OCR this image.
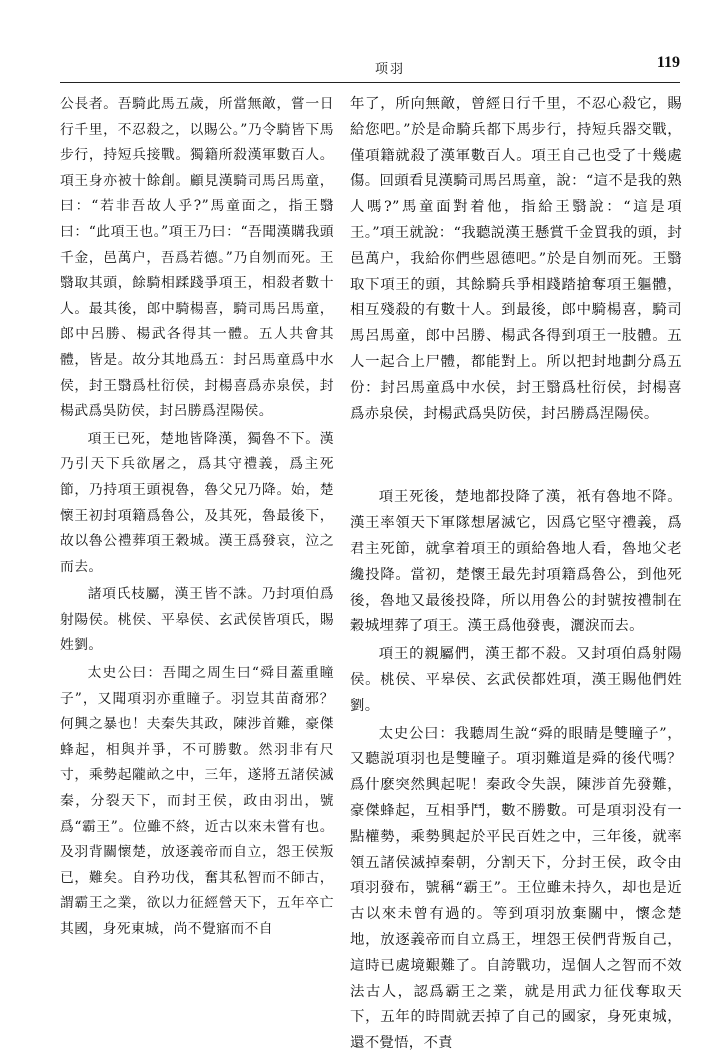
项羽	119

公長者。吾騎此馬五歲，所當無敵，嘗一日行千里，不忍殺之，以賜公。”乃令騎皆下馬步行，持短兵接戰。獨籍所殺漢軍數百人。項王身亦被十餘創。顧見漢騎司馬呂馬童，曰：“若非吾故人乎?”馬童面之，指王翳曰：“此項王也。”項王乃曰：“吾聞漢購我頭千金，邑萬户，吾爲若德。”乃自刎而死。王翳取其頭，餘騎相蹂踐爭項王，相殺者數十人。最其後，郎中騎楊喜，騎司馬呂馬童，郎中呂勝、楊武各得其一體。五人共會其體，皆是。故分其地爲五：封呂馬童爲中水侯，封王翳爲杜衍侯，封楊喜爲赤泉侯，封楊武爲吳防侯，封呂勝爲涅陽侯。

項王已死，楚地皆降漢，獨魯不下。漢乃引天下兵欲屠之，爲其守禮義，爲主死節，乃持項王頭視魯，魯父兄乃降。始，楚懷王初封項籍爲魯公，及其死，魯最後下，故以魯公禮葬項王穀城。漢王爲發哀，泣之而去。

諸項氏枝屬，漢王皆不誅。乃封項伯爲射陽侯。桃侯、平皋侯、玄武侯皆項氏，賜姓劉。

太史公曰：吾聞之周生曰“舜目蓋重瞳子”，又聞項羽亦重瞳子。羽豈其苗裔邪？何興之暴也！夫秦失其政，陳涉首難，豪傑蜂起，相與并爭，不可勝數。然羽非有尺寸，乘勢起隴畝之中，三年，遂將五諸侯滅秦，分裂天下，而封王侯，政由羽出，號爲“霸王”。位雖不終，近古以來未嘗有也。及羽背關懷楚，放逐義帝而自立，怨王侯叛已，難矣。自矜功伐，奮其私智而不師古，謂霸王之業，欲以力征經營天下，五年卒亡其國，身死東城，尚不覺寤而不自

年了，所向無敵，曾經日行千里，不忍心殺它，賜給您吧。”於是命騎兵都下馬步行，持短兵器交戰，僅項籍就殺了漢軍數百人。項王自己也受了十幾處傷。回頭看見漢騎司馬呂馬童，說：“這不是我的熟人嗎?”馬童面對着他，指給王翳說：“這是項王。”項王就說：“我聽説漢王懸賞千金買我的頭，封邑萬户，我給你們些恩德吧。”於是自刎而死。王翳取下項王的頭，其餘騎兵爭相踐踏搶奪項王軀體，相互殘殺的有數十人。到最後，郎中騎楊喜，騎司馬呂馬童，郎中呂勝、楊武各得到項王一肢體。五人一起合上尸體，都能對上。所以把封地劃分爲五份：封呂馬童爲中水侯，封王翳爲杜衍侯，封楊喜爲赤泉侯，封楊武爲吳防侯，封呂勝爲涅陽侯。

項王死後，楚地都投降了漢，衹有魯地不降。漢王率領天下軍隊想屠滅它，因爲它堅守禮義，爲君主死節，就拿着項王的頭給魯地人看，魯地父老纔投降。當初，楚懷王最先封項籍爲魯公，到他死後，魯地又最後投降，所以用魯公的封號按禮制在穀城埋葬了項王。漢王爲他發喪，灑淚而去。

項王的親屬們，漢王都不殺。又封項伯爲射陽侯。桃侯、平皋侯、玄武侯都姓項，漢王賜他們姓劉。

太史公曰：我聽周生說“舜的眼睛是雙瞳子”，又聽説項羽也是雙瞳子。項羽難道是舜的後代嗎？爲什麽突然興起呢！秦政令失誤，陳涉首先發難，豪傑蜂起，互相爭鬥，數不勝數。可是項羽没有一點權勢，乘勢興起於平民百姓之中，三年後，就率領五諸侯滅掉秦朝，分割天下，分封王侯，政令由項羽發布，號稱“霸王”。王位雖未持久，却也是近古以來未曾有過的。等到項羽放棄關中，懷念楚地，放逐義帝而自立爲王，埋怨王侯們背叛自己，這時已處境艱難了。自誇戰功，逞個人之智而不效法古人，認爲霸王之業，就是用武力征伐奪取天下，五年的時間就丟掉了自己的國家，身死東城，還不覺悟，不責
